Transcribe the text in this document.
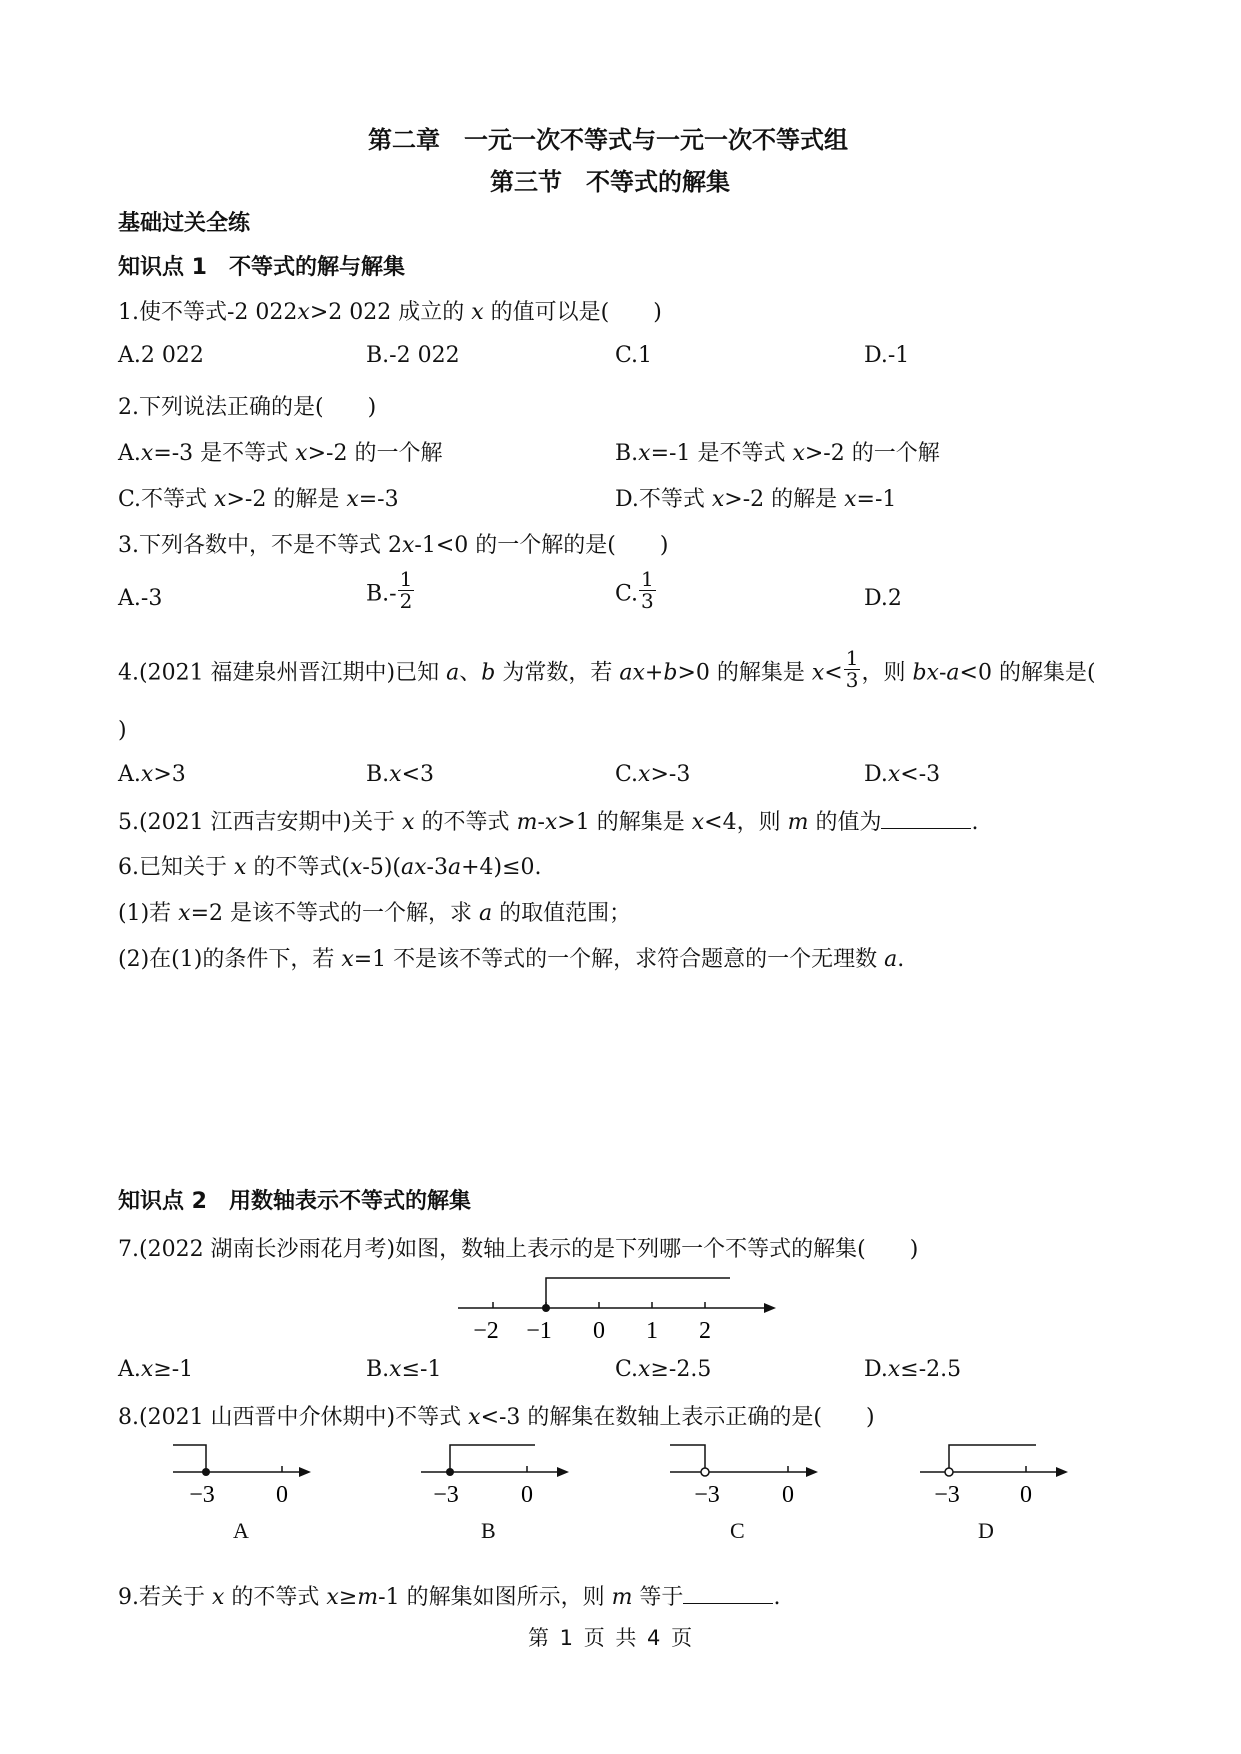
第二章　一元一次不等式与一元一次不等式组
第三节　不等式的解集
基础过关全练
知识点 1　不等式的解与解集
1.使不等式-2 022x>2 022 成立的 x 的值可以是(　　)
A.2 022	B.-2 022	C.1	D.-1
2.下列说法正确的是(　　)
A.x=-3 是不等式 x>-2 的一个解	B.x=-1 是不等式 x>-2 的一个解
C.不等式 x>-2 的解是 x=-3	D.不等式 x>-2 的解是 x=-1
3.下列各数中，不是不等式 2x-1<0 的一个解的是(　　)
A.-3	$B.- \frac{1}{2}$	C. $\frac{1}{3}$	D.2
4.(2021 福建泉州晋江期中)已知 a、b 为常数，若 ax+b>0 的解集是 $x< \frac{1}{3}$ ，则 bx-a<0 的解集是(
)
A.x>3	B.x<3	C.x>-3	D.x<-3
5.(2021 江西吉安期中)关于 x 的不等式 m-x>1 的解集是 x<4，则 m 的值为	.
6.已知关于 x 的不等式(x-5)(ax-3a+4)≤0.
(1)若 x=2 是该不等式的一个解，求 a 的取值范围；
(2)在(1)的条件下，若 x=1 不是该不等式的一个解，求符合题意的一个无理数 a.
知识点 2　用数轴表示不等式的解集
7.(2022 湖南长沙雨花月考)如图，数轴上表示的是下列哪一个不等式的解集(　　)
−2 −1 0 1 2
A.x≥-1	B.x≤-1	C.x≥-2.5	D.x≤-2.5
8.(2021 山西晋中介休期中)不等式 x<-3 的解集在数轴上表示正确的是(　　)
−3	0
A
−3	0
B
−3	0
C
−3	0
D
9.若关于 x 的不等式 x≥m-1 的解集如图所示，则 m 等于	.
第 1 页 共 4 页
